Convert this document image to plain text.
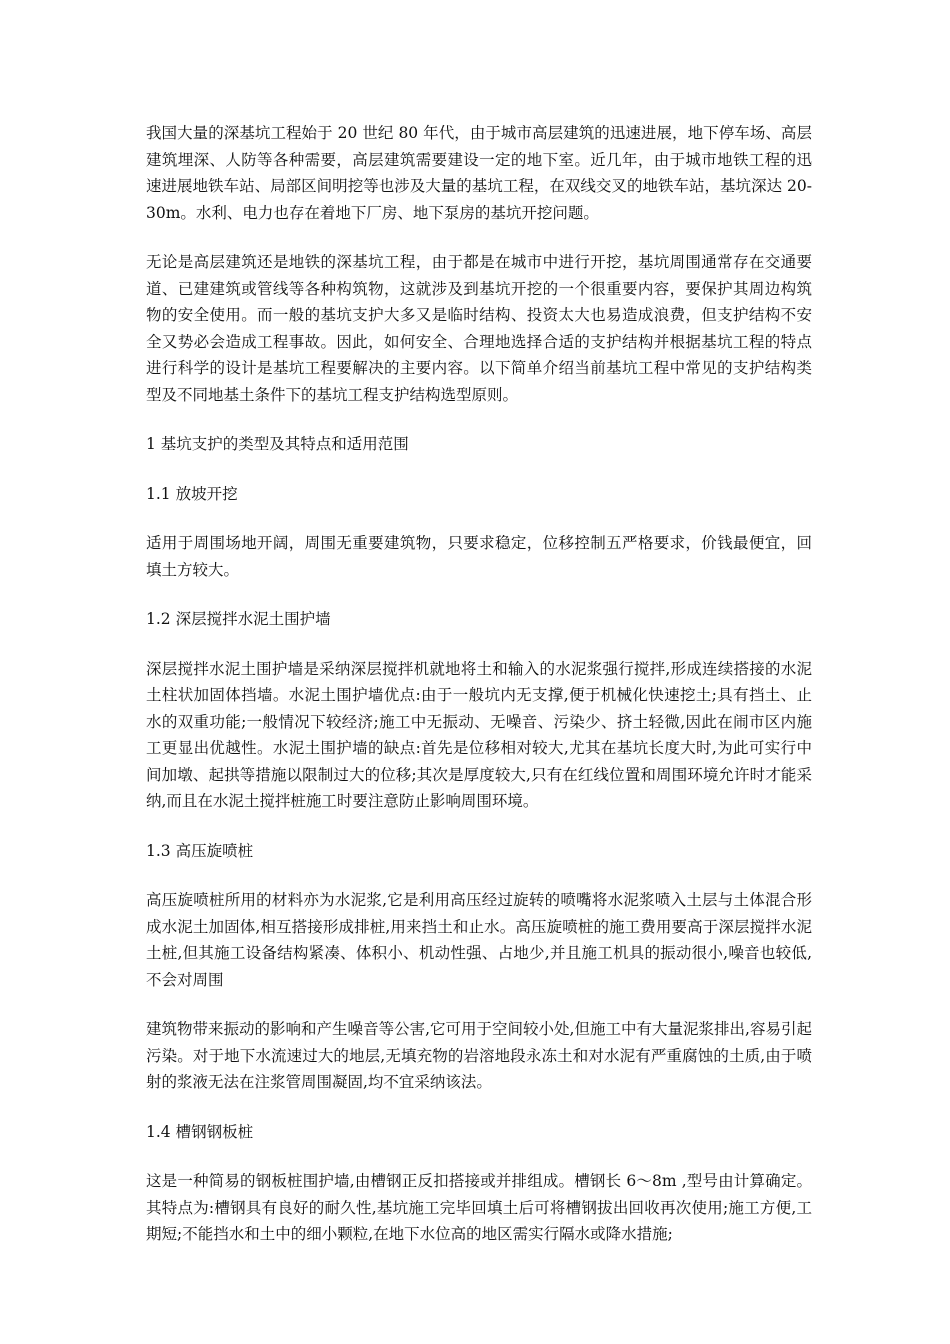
我国大量的深基坑工程始于 20 世纪 80 年代，由于城市高层建筑的迅速进展，地下停车场、高层建筑埋深、人防等各种需要，高层建筑需要建设一定的地下室。近几年，由于城市地铁工程的迅速进展地铁车站、局部区间明挖等也涉及大量的基坑工程，在双线交叉的地铁车站，基坑深达 20-30m。水利、电力也存在着地下厂房、地下泵房的基坑开挖问题。

无论是高层建筑还是地铁的深基坑工程，由于都是在城市中进行开挖，基坑周围通常存在交通要道、已建建筑或管线等各种构筑物，这就涉及到基坑开挖的一个很重要内容，要保护其周边构筑物的安全使用。而一般的基坑支护大多又是临时结构、投资太大也易造成浪费，但支护结构不安全又势必会造成工程事故。因此，如何安全、合理地选择合适的支护结构并根据基坑工程的特点进行科学的设计是基坑工程要解决的主要内容。以下简单介绍当前基坑工程中常见的支护结构类型及不同地基土条件下的基坑工程支护结构选型原则。

1 基坑支护的类型及其特点和适用范围

1.1 放坡开挖

适用于周围场地开阔，周围无重要建筑物，只要求稳定，位移控制五严格要求，价钱最便宜，回填土方较大。

1.2 深层搅拌水泥土围护墙

深层搅拌水泥土围护墙是采纳深层搅拌机就地将土和输入的水泥浆强行搅拌,形成连续搭接的水泥土柱状加固体挡墙。水泥土围护墙优点:由于一般坑内无支撑,便于机械化快速挖土;具有挡土、止水的双重功能;一般情况下较经济;施工中无振动、无噪音、污染少、挤土轻微,因此在闹市区内施工更显出优越性。水泥土围护墙的缺点:首先是位移相对较大,尤其在基坑长度大时,为此可实行中间加墩、起拱等措施以限制过大的位移;其次是厚度较大,只有在红线位置和周围环境允许时才能采纳,而且在水泥土搅拌桩施工时要注意防止影响周围环境。

1.3 高压旋喷桩

高压旋喷桩所用的材料亦为水泥浆,它是利用高压经过旋转的喷嘴将水泥浆喷入土层与土体混合形成水泥土加固体,相互搭接形成排桩,用来挡土和止水。高压旋喷桩的施工费用要高于深层搅拌水泥土桩,但其施工设备结构紧凑、体积小、机动性强、占地少,并且施工机具的振动很小,噪音也较低,不会对周围

建筑物带来振动的影响和产生噪音等公害,它可用于空间较小处,但施工中有大量泥浆排出,容易引起污染。对于地下水流速过大的地层,无填充物的岩溶地段永冻土和对水泥有严重腐蚀的土质,由于喷射的浆液无法在注浆管周围凝固,均不宜采纳该法。

1.4 槽钢钢板桩

这是一种简易的钢板桩围护墙,由槽钢正反扣搭接或并排组成。槽钢长 6～8m ,型号由计算确定。其特点为:槽钢具有良好的耐久性,基坑施工完毕回填土后可将槽钢拔出回收再次使用;施工方便,工期短;不能挡水和土中的细小颗粒,在地下水位高的地区需实行隔水或降水措施;
